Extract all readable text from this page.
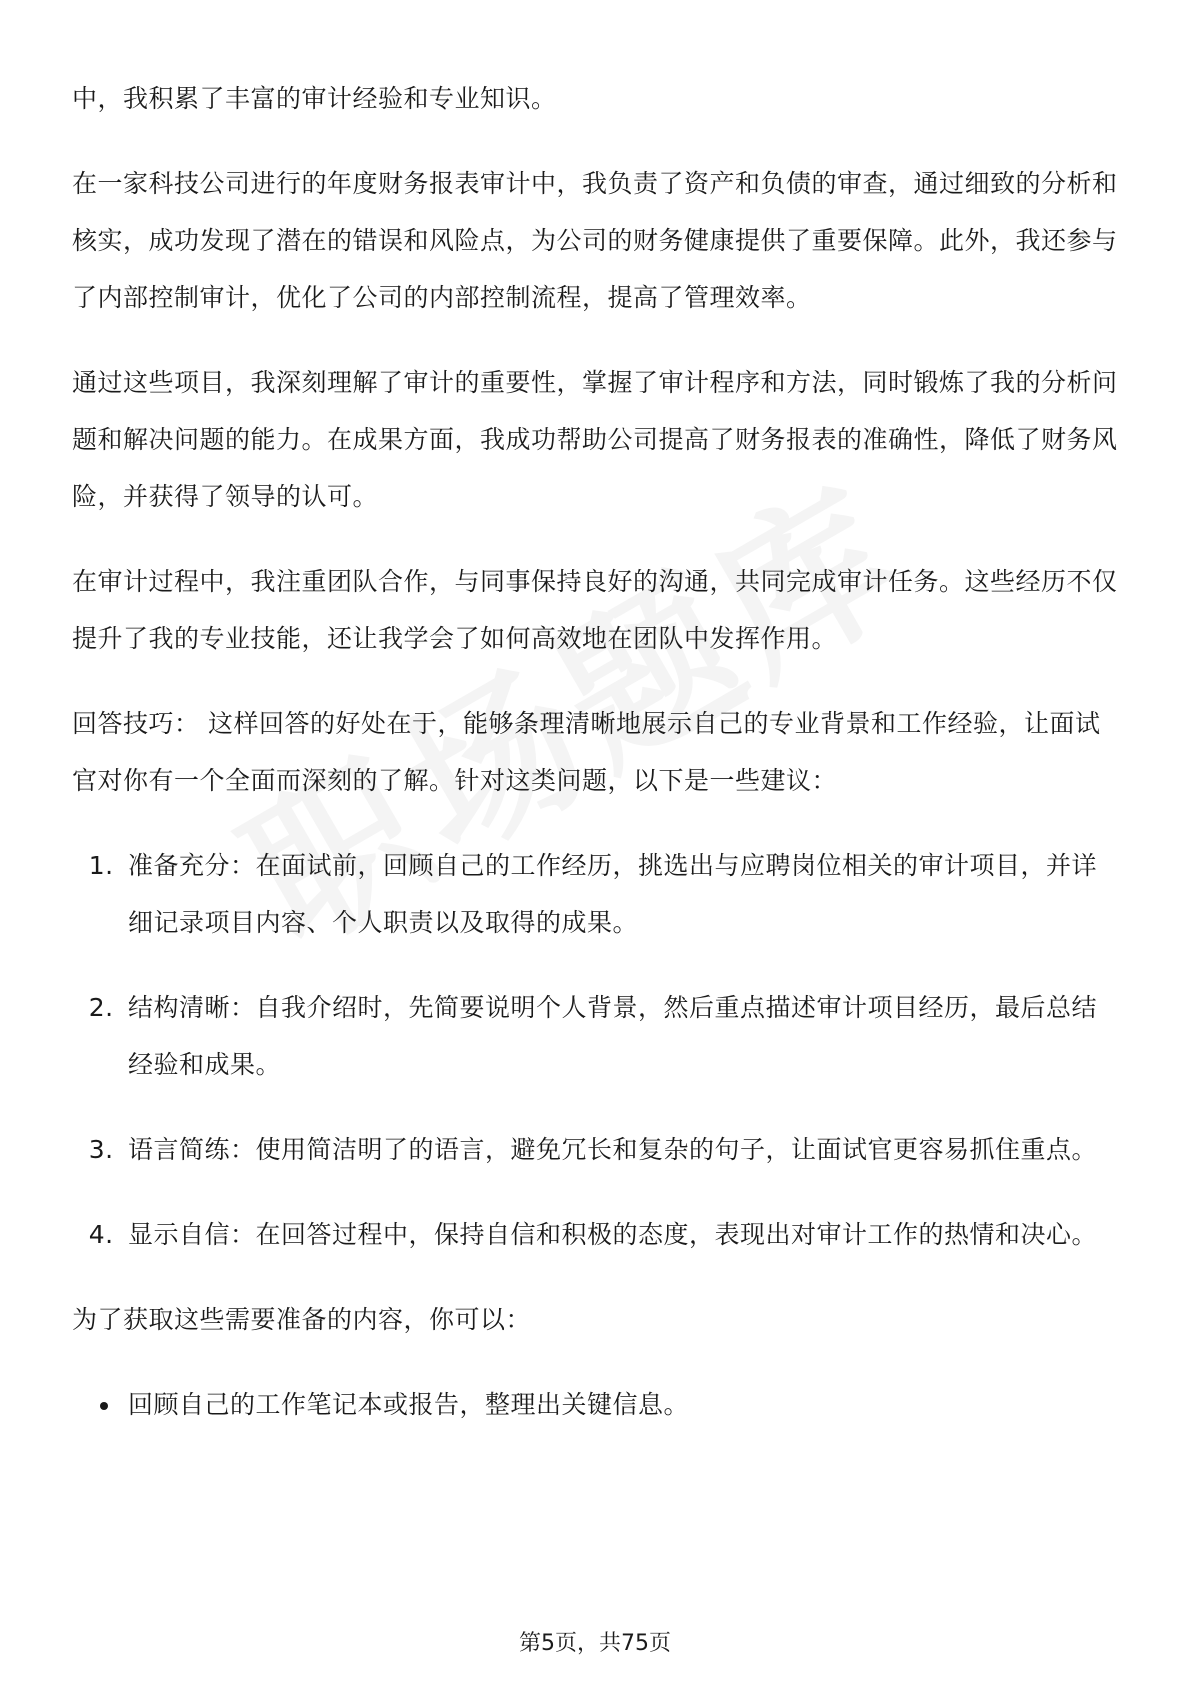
中，我积累了丰富的审计经验和专业知识。

在一家科技公司进行的年度财务报表审计中，我负责了资产和负债的审查，通过细致的分析和核实，成功发现了潜在的错误和风险点，为公司的财务健康提供了重要保障。此外，我还参与了内部控制审计，优化了公司的内部控制流程，提高了管理效率。

通过这些项目，我深刻理解了审计的重要性，掌握了审计程序和方法，同时锻炼了我的分析问题和解决问题的能力。在成果方面，我成功帮助公司提高了财务报表的准确性，降低了财务风险，并获得了领导的认可。

在审计过程中，我注重团队合作，与同事保持良好的沟通，共同完成审计任务。这些经历不仅提升了我的专业技能，还让我学会了如何高效地在团队中发挥作用。

回答技巧： 这样回答的好处在于，能够条理清晰地展示自己的专业背景和工作经验，让面试官对你有一个全面而深刻的了解。针对这类问题，以下是一些建议：

1. 准备充分：在面试前，回顾自己的工作经历，挑选出与应聘岗位相关的审计项目，并详细记录项目内容、个人职责以及取得的成果。
2. 结构清晰：自我介绍时，先简要说明个人背景，然后重点描述审计项目经历，最后总结经验和成果。
3. 语言简练：使用简洁明了的语言，避免冗长和复杂的句子，让面试官更容易抓住重点。
4. 显示自信：在回答过程中，保持自信和积极的态度，表现出对审计工作的热情和决心。

为了获取这些需要准备的内容，你可以：

• 回顾自己的工作笔记本或报告，整理出关键信息。
第5页，共75页
